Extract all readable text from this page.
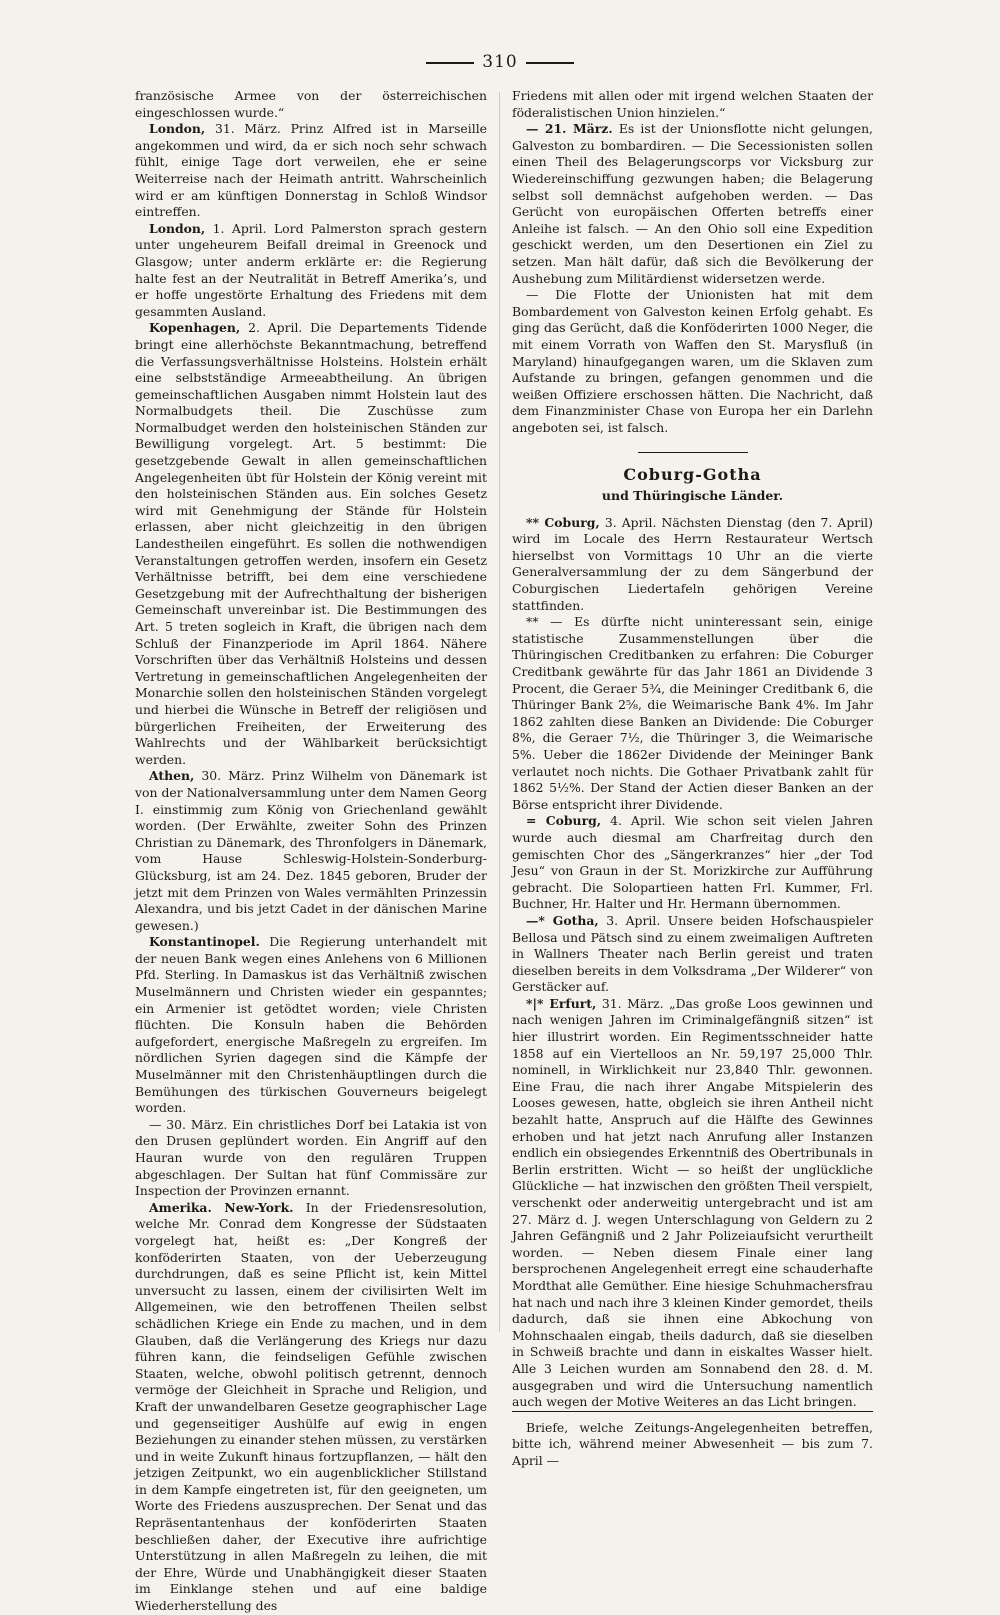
310

französische Armee von der österreichischen eingeschlossen wurde.“

London, 31. März. Prinz Alfred ist in Marseille angekommen und wird, da er sich noch sehr schwach fühlt, einige Tage dort verweilen, ehe er seine Weiterreise nach der Heimath antritt. Wahrscheinlich wird er am künftigen Donnerstag in Schloß Windsor eintreffen.

London, 1. April. Lord Palmerston sprach gestern unter ungeheurem Beifall dreimal in Greenock und Glasgow; unter anderm erklärte er: die Regierung halte fest an der Neutralität in Betreff Amerika’s, und er hoffe ungestörte Erhaltung des Friedens mit dem gesammten Ausland.

Kopenhagen, 2. April. Die Departements Tidende bringt eine allerhöchste Bekanntmachung, betreffend die Verfassungsverhältnisse Holsteins. Holstein erhält eine selbstständige Armeeabtheilung. An übrigen gemeinschaftlichen Ausgaben nimmt Holstein laut des Normalbudgets theil. Die Zuschüsse zum Normalbudget werden den holsteinischen Ständen zur Bewilligung vorgelegt. Art. 5 bestimmt: Die gesetzgebende Gewalt in allen gemeinschaftlichen Angelegenheiten übt für Holstein der König vereint mit den holsteinischen Ständen aus. Ein solches Gesetz wird mit Genehmigung der Stände für Holstein erlassen, aber nicht gleichzeitig in den übrigen Landestheilen eingeführt. Es sollen die nothwendigen Veranstaltungen getroffen werden, insofern ein Gesetz Verhältnisse betrifft, bei dem eine verschiedene Gesetzgebung mit der Aufrechthaltung der bisherigen Gemeinschaft unvereinbar ist. Die Bestimmungen des Art. 5 treten sogleich in Kraft, die übrigen nach dem Schluß der Finanzperiode im April 1864. Nähere Vorschriften über das Verhältniß Holsteins und dessen Vertretung in gemeinschaftlichen Angelegenheiten der Monarchie sollen den holsteinischen Ständen vorgelegt und hierbei die Wünsche in Betreff der religiösen und bürgerlichen Freiheiten, der Erweiterung des Wahlrechts und der Wählbarkeit berücksichtigt werden.

Athen, 30. März. Prinz Wilhelm von Dänemark ist von der Nationalversammlung unter dem Namen Georg I. einstimmig zum König von Griechenland gewählt worden. (Der Erwählte, zweiter Sohn des Prinzen Christian zu Dänemark, des Thronfolgers in Dänemark, vom Hause Schleswig-Holstein-Sonderburg-Glücksburg, ist am 24. Dez. 1845 geboren, Bruder der jetzt mit dem Prinzen von Wales vermählten Prinzessin Alexandra, und bis jetzt Cadet in der dänischen Marine gewesen.)

Konstantinopel. Die Regierung unterhandelt mit der neuen Bank wegen eines Anlehens von 6 Millionen Pfd. Sterling. In Damaskus ist das Verhältniß zwischen Muselmännern und Christen wieder ein gespanntes; ein Armenier ist getödtet worden; viele Christen flüchten. Die Konsuln haben die Behörden aufgefordert, energische Maßregeln zu ergreifen. Im nördlichen Syrien dagegen sind die Kämpfe der Muselmänner mit den Christenhäuptlingen durch die Bemühungen des türkischen Gouverneurs beigelegt worden.

— 30. März. Ein christliches Dorf bei Latakia ist von den Drusen geplündert worden. Ein Angriff auf den Hauran wurde von den regulären Truppen abgeschlagen. Der Sultan hat fünf Commissäre zur Inspection der Provinzen ernannt.

Amerika. New-York. In der Friedensresolution, welche Mr. Conrad dem Kongresse der Südstaaten vorgelegt hat, heißt es: „Der Kongreß der konföderirten Staaten, von der Ueberzeugung durchdrungen, daß es seine Pflicht ist, kein Mittel unversucht zu lassen, einem der civilisirten Welt im Allgemeinen, wie den betroffenen Theilen selbst schädlichen Kriege ein Ende zu machen, und in dem Glauben, daß die Verlängerung des Kriegs nur dazu führen kann, die feindseligen Gefühle zwischen Staaten, welche, obwohl politisch getrennt, dennoch vermöge der Gleichheit in Sprache und Religion, und Kraft der unwandelbaren Gesetze geographischer Lage und gegenseitiger Aushülfe auf ewig in engen Beziehungen zu einander stehen müssen, zu verstärken und in weite Zukunft hinaus fortzupflanzen, — hält den jetzigen Zeitpunkt, wo ein augenblicklicher Stillstand in dem Kampfe eingetreten ist, für den geeigneten, um Worte des Friedens auszusprechen. Der Senat und das Repräsentantenhaus der konföderirten Staaten beschließen daher, der Executive ihre aufrichtige Unterstützung in allen Maßregeln zu leihen, die mit der Ehre, Würde und Unabhängigkeit dieser Staaten im Einklange stehen und auf eine baldige Wiederherstellung des

Friedens mit allen oder mit irgend welchen Staaten der föderalistischen Union hinzielen.“

— 21. März. Es ist der Unionsflotte nicht gelungen, Galveston zu bombardiren. — Die Secessionisten sollen einen Theil des Belagerungscorps vor Vicksburg zur Wiedereinschiffung gezwungen haben; die Belagerung selbst soll demnächst aufgehoben werden. — Das Gerücht von europäischen Offerten betreffs einer Anleihe ist falsch. — An den Ohio soll eine Expedition geschickt werden, um den Desertionen ein Ziel zu setzen. Man hält dafür, daß sich die Bevölkerung der Aushebung zum Militärdienst widersetzen werde.

— Die Flotte der Unionisten hat mit dem Bombardement von Galveston keinen Erfolg gehabt. Es ging das Gerücht, daß die Konföderirten 1000 Neger, die mit einem Vorrath von Waffen den St. Marysfluß (in Maryland) hinaufgegangen waren, um die Sklaven zum Aufstande zu bringen, gefangen genommen und die weißen Offiziere erschossen hätten. Die Nachricht, daß dem Finanzminister Chase von Europa her ein Darlehn angeboten sei, ist falsch.

Coburg-Gotha
und Thüringische Länder.

** Coburg, 3. April. Nächsten Dienstag (den 7. April) wird im Locale des Herrn Restaurateur Wertsch hierselbst von Vormittags 10 Uhr an die vierte Generalversammlung der zu dem Sängerbund der Coburgischen Liedertafeln gehörigen Vereine stattfinden.

** — Es dürfte nicht uninteressant sein, einige statistische Zusammenstellungen über die Thüringischen Creditbanken zu erfahren: Die Coburger Creditbank gewährte für das Jahr 1861 an Dividende 3 Procent, die Geraer 5¾, die Meininger Creditbank 6, die Thüringer Bank 2⅝, die Weimarische Bank 4%. Im Jahr 1862 zahlten diese Banken an Dividende: Die Coburger 8%, die Geraer 7½, die Thüringer 3, die Weimarische 5%. Ueber die 1862er Dividende der Meininger Bank verlautet noch nichts. Die Gothaer Privatbank zahlt für 1862 5½%. Der Stand der Actien dieser Banken an der Börse entspricht ihrer Dividende.

= Coburg, 4. April. Wie schon seit vielen Jahren wurde auch diesmal am Charfreitag durch den gemischten Chor des „Sängerkranzes“ hier „der Tod Jesu“ von Graun in der St. Morizkirche zur Aufführung gebracht. Die Solopartieen hatten Frl. Kummer, Frl. Buchner, Hr. Halter und Hr. Hermann übernommen.

—* Gotha, 3. April. Unsere beiden Hofschauspieler Bellosa und Pätsch sind zu einem zweimaligen Auftreten in Wallners Theater nach Berlin gereist und traten dieselben bereits in dem Volksdrama „Der Wilderer“ von Gerstäcker auf.

*|* Erfurt, 31. März. „Das große Loos gewinnen und nach wenigen Jahren im Criminalgefängniß sitzen“ ist hier illustrirt worden. Ein Regimentsschneider hatte 1858 auf ein Viertelloos an Nr. 59,197 25,000 Thlr. nominell, in Wirklichkeit nur 23,840 Thlr. gewonnen. Eine Frau, die nach ihrer Angabe Mitspielerin des Looses gewesen, hatte, obgleich sie ihren Antheil nicht bezahlt hatte, Anspruch auf die Hälfte des Gewinnes erhoben und hat jetzt nach Anrufung aller Instanzen endlich ein obsiegendes Erkenntniß des Obertribunals in Berlin erstritten. Wicht — so heißt der unglückliche Glückliche — hat inzwischen den größten Theil verspielt, verschenkt oder anderweitig untergebracht und ist am 27. März d. J. wegen Unterschlagung von Geldern zu 2 Jahren Gefängniß und 2 Jahr Polizeiaufsicht verurtheilt worden. — Neben diesem Finale einer lang bersprochenen Angelegenheit erregt eine schauderhafte Mordthat alle Gemüther. Eine hiesige Schuhmachersfrau hat nach und nach ihre 3 kleinen Kinder gemordet, theils dadurch, daß sie ihnen eine Abkochung von Mohnschaalen eingab, theils dadurch, daß sie dieselben in Schweiß brachte und dann in eiskaltes Wasser hielt. Alle 3 Leichen wurden am Sonnabend den 28. d. M. ausgegraben und wird die Untersuchung namentlich auch wegen der Motive Weiteres an das Licht bringen.

Briefe, welche Zeitungs-Angelegenheiten betreffen, bitte ich, während meiner Abwesenheit — bis zum 7. April —
